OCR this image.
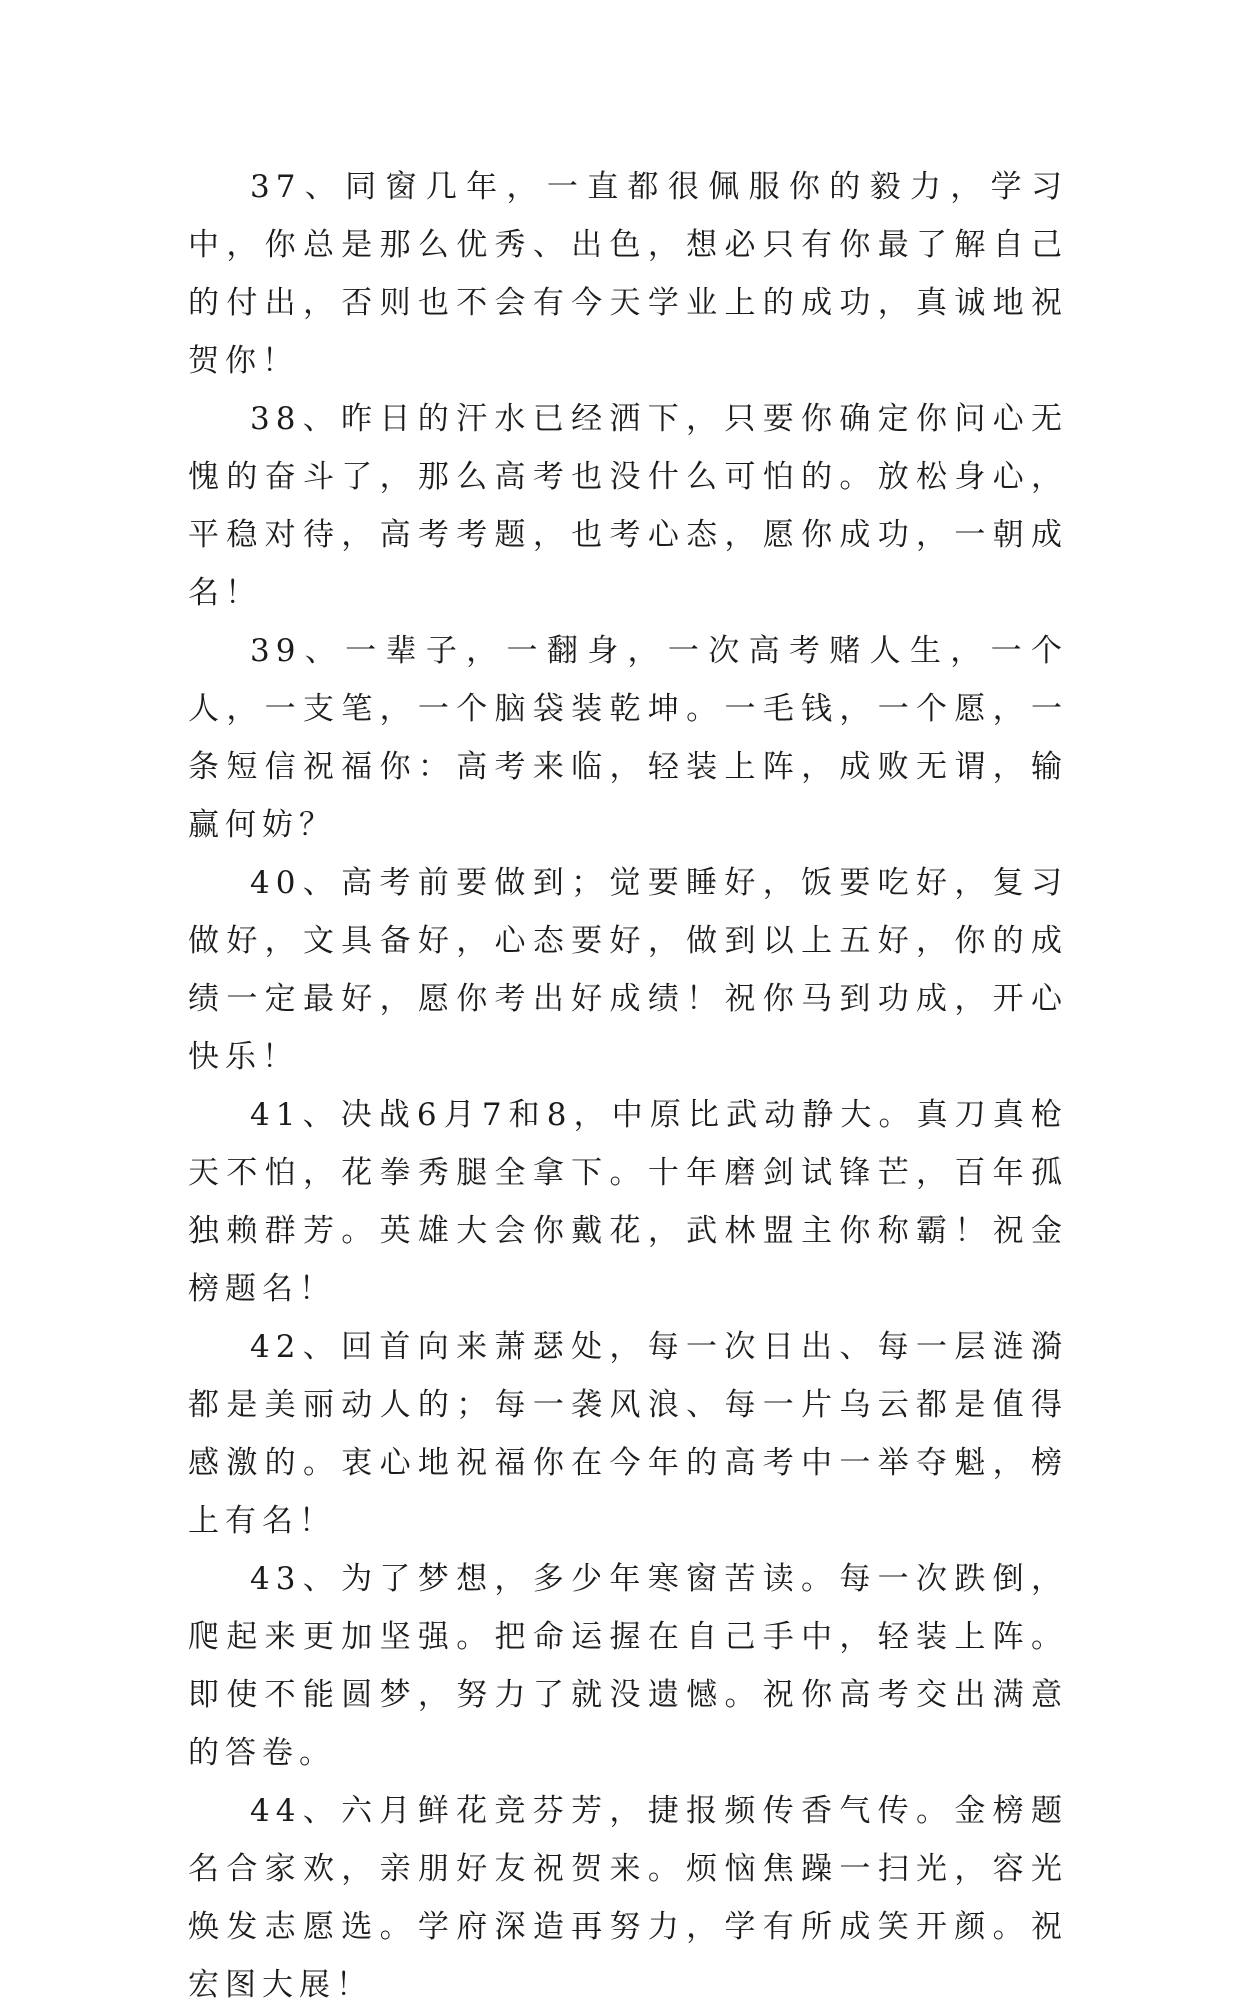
37、同窗几年，一直都很佩服你的毅力，学习中，你总是那么优秀、出色，想必只有你最了解自己的付出，否则也不会有今天学业上的成功，真诚地祝贺你！

38、昨日的汗水已经洒下，只要你确定你问心无愧的奋斗了，那么高考也没什么可怕的。放松身心，平稳对待，高考考题，也考心态，愿你成功，一朝成名！

39、一辈子，一翻身，一次高考赌人生，一个人，一支笔，一个脑袋装乾坤。一毛钱，一个愿，一条短信祝福你：高考来临，轻装上阵，成败无谓，输赢何妨？

40、高考前要做到；觉要睡好，饭要吃好，复习做好，文具备好，心态要好，做到以上五好，你的成绩一定最好，愿你考出好成绩！祝你马到功成，开心快乐！

41、决战6月7和8，中原比武动静大。真刀真枪天不怕，花拳秀腿全拿下。十年磨剑试锋芒，百年孤独赖群芳。英雄大会你戴花，武林盟主你称霸！祝金榜题名！

42、回首向来萧瑟处，每一次日出、每一层涟漪都是美丽动人的；每一袭风浪、每一片乌云都是值得感激的。衷心地祝福你在今年的高考中一举夺魁，榜上有名！

43、为了梦想，多少年寒窗苦读。每一次跌倒，爬起来更加坚强。把命运握在自己手中，轻装上阵。即使不能圆梦，努力了就没遗憾。祝你高考交出满意的答卷。

44、六月鲜花竞芬芳，捷报频传香气传。金榜题名合家欢，亲朋好友祝贺来。烦恼焦躁一扫光，容光焕发志愿选。学府深造再努力，学有所成笑开颜。祝宏图大展！
